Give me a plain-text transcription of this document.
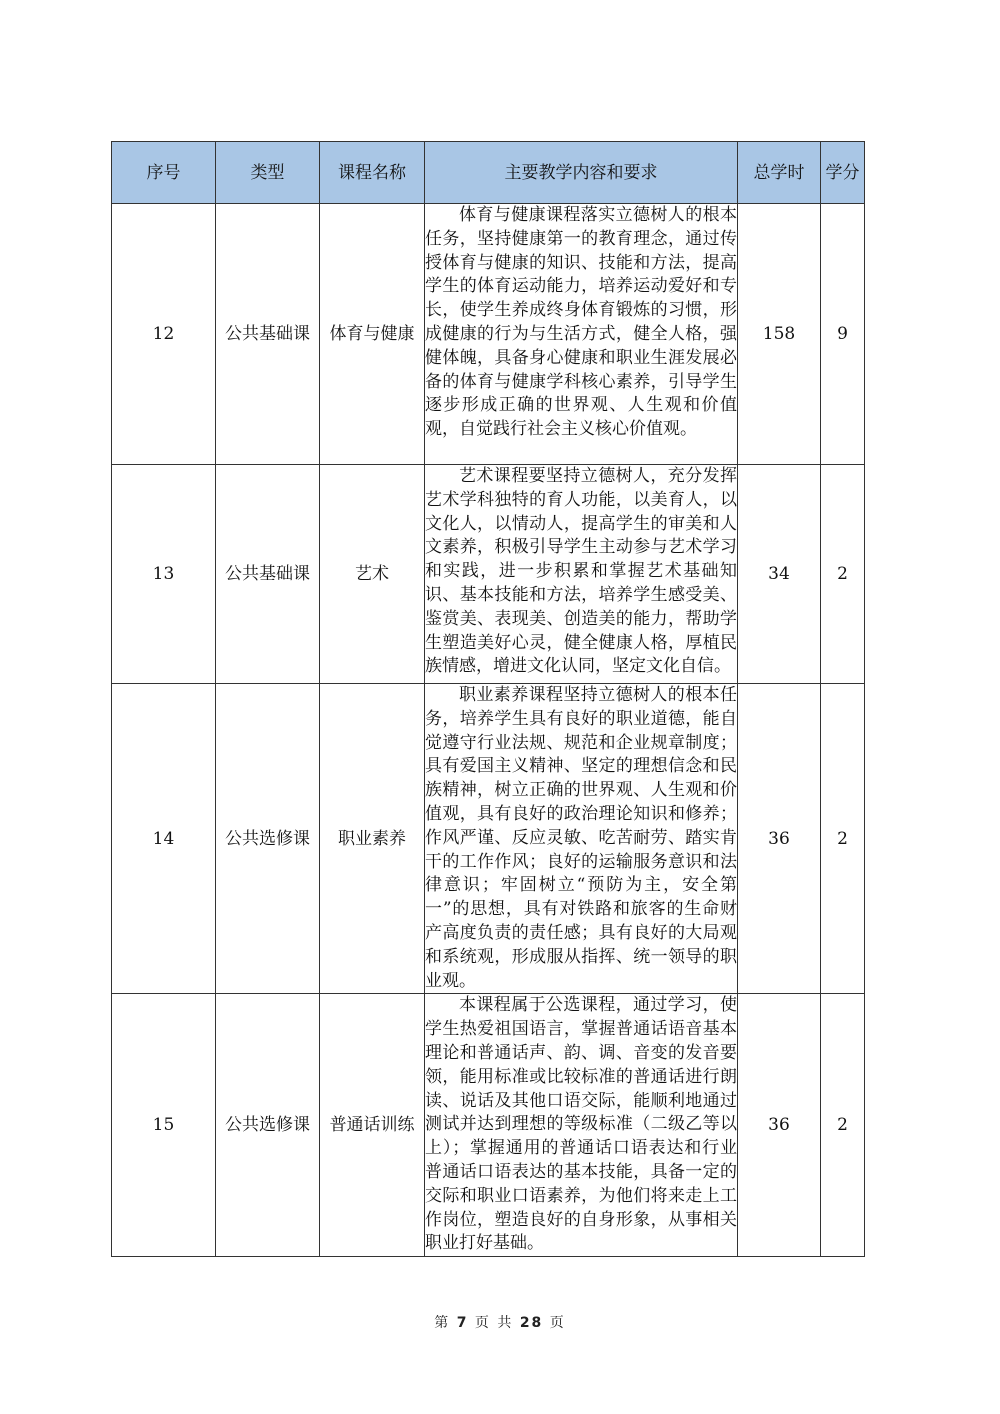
序号	类型	课程名称	主要教学内容和要求	总学时	学分
12	公共基础课	体育与健康	体育与健康课程落实立德树人的根本任务，坚持健康第一的教育理念，通过传授体育与健康的知识、技能和方法，提高学生的体育运动能力，培养运动爱好和专长，使学生养成终身体育锻炼的习惯，形成健康的行为与生活方式，健全人格，强健体魄，具备身心健康和职业生涯发展必备的体育与健康学科核心素养，引导学生逐步形成正确的世界观、人生观和价值观，自觉践行社会主义核心价值观。	158	9
13	公共基础课	艺术	艺术课程要坚持立德树人，充分发挥艺术学科独特的育人功能，以美育人，以文化人，以情动人，提高学生的审美和人文素养，积极引导学生主动参与艺术学习和实践，进一步积累和掌握艺术基础知识、基本技能和方法，培养学生感受美、鉴赏美、表现美、创造美的能力，帮助学生塑造美好心灵，健全健康人格，厚植民族情感，增进文化认同，坚定文化自信。	34	2
14	公共选修课	职业素养	职业素养课程坚持立德树人的根本任务，培养学生具有良好的职业道德，能自觉遵守行业法规、规范和企业规章制度；具有爱国主义精神、坚定的理想信念和民族精神，树立正确的世界观、人生观和价值观，具有良好的政治理论知识和修养；作风严谨、反应灵敏、吃苦耐劳、踏实肯干的工作作风；良好的运输服务意识和法律意识；牢固树立“预防为主，安全第一”的思想，具有对铁路和旅客的生命财产高度负责的责任感；具有良好的大局观和系统观，形成服从指挥、统一领导的职业观。	36	2
15	公共选修课	普通话训练	本课程属于公选课程，通过学习，使学生热爱祖国语言，掌握普通话语音基本理论和普通话声、韵、调、音变的发音要领，能用标准或比较标准的普通话进行朗读、说话及其他口语交际，能顺利地通过测试并达到理想的等级标准（二级乙等以上）；掌握通用的普通话口语表达和行业普通话口语表达的基本技能，具备一定的交际和职业口语素养，为他们将来走上工作岗位，塑造良好的自身形象，从事相关职业打好基础。	36	2
第 7 页 共 28 页
